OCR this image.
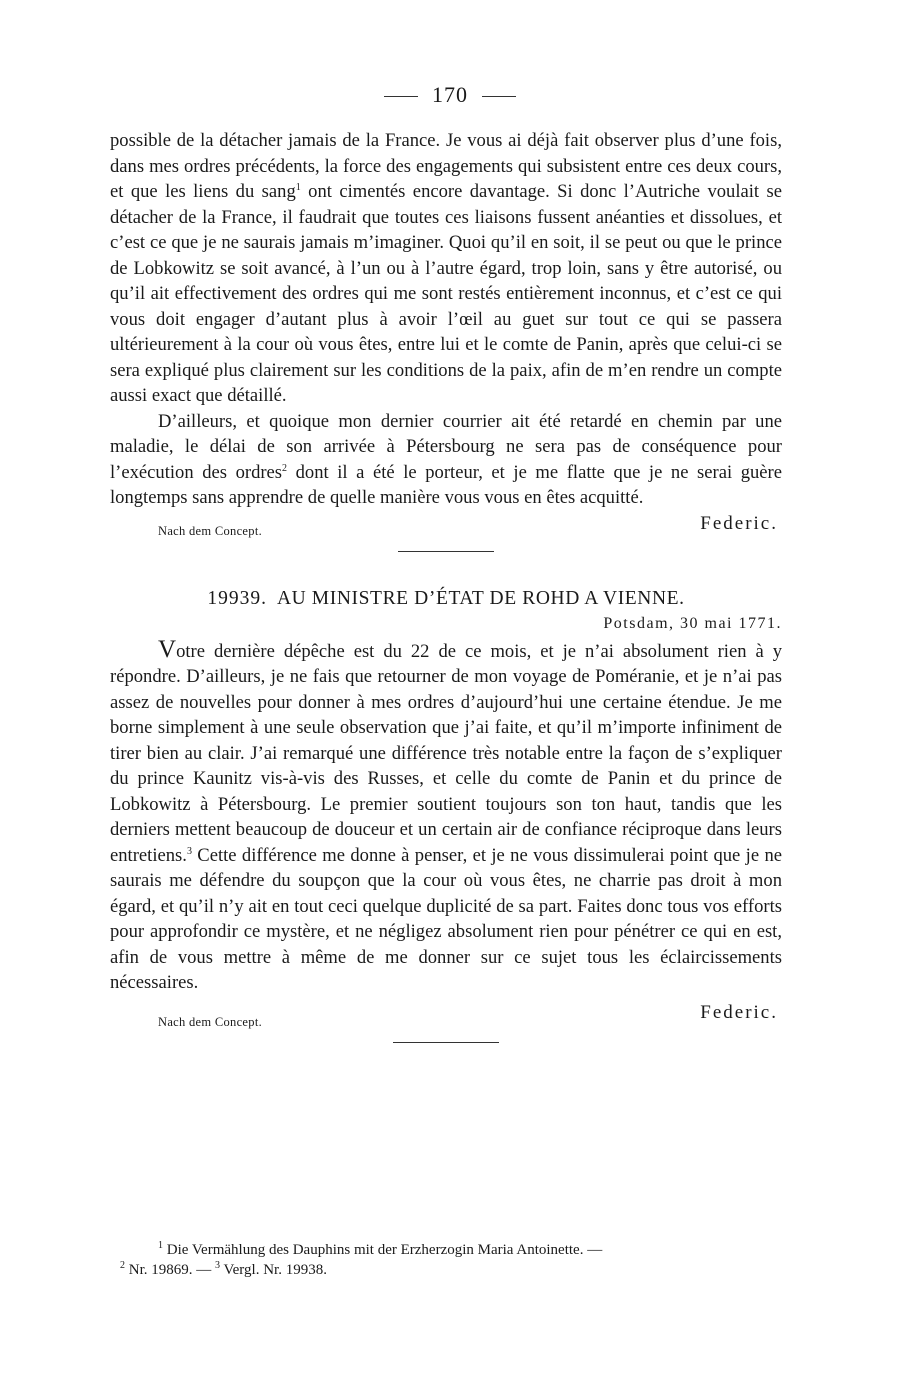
170

possible de la détacher jamais de la France. Je vous ai déjà fait observer plus d’une fois, dans mes ordres précédents, la force des engagements qui subsistent entre ces deux cours, et que les liens du sang$^1$ ont cimentés encore davantage. Si donc l’Autriche voulait se détacher de la France, il faudrait que toutes ces liaisons fussent anéanties et dissolues, et c’est ce que je ne saurais jamais m’imaginer. Quoi qu’il en soit, il se peut ou que le prince de Lobkowitz se soit avancé, à l’un ou à l’autre égard, trop loin, sans y être autorisé, ou qu’il ait effectivement des ordres qui me sont restés entièrement inconnus, et c’est ce qui vous doit engager d’autant plus à avoir l’œil au guet sur tout ce qui se passera ultérieurement à la cour où vous êtes, entre lui et le comte de Panin, après que celui-ci se sera expliqué plus clairement sur les conditions de la paix, afin de m’en rendre un compte aussi exact que détaillé.

D’ailleurs, et quoique mon dernier courrier ait été retardé en chemin par une maladie, le délai de son arrivée à Pétersbourg ne sera pas de conséquence pour l’exécution des ordres$^2$ dont il a été le porteur, et je me flatte que je ne serai guère longtemps sans apprendre de quelle manière vous vous en êtes acquitté.

Nach dem Concept.	Federic.
19939. AU MINISTRE D’ÉTAT DE ROHD A VIENNE.
Potsdam, 30 mai 1771.

Votre dernière dépêche est du 22 de ce mois, et je n’ai absolument rien à y répondre. D’ailleurs, je ne fais que retourner de mon voyage de Poméranie, et je n’ai pas assez de nouvelles pour donner à mes ordres d’aujourd’hui une certaine étendue. Je me borne simplement à une seule observation que j’ai faite, et qu’il m’importe infiniment de tirer bien au clair. J’ai remarqué une différence très notable entre la façon de s’expliquer du prince Kaunitz vis-à-vis des Russes, et celle du comte de Panin et du prince de Lobkowitz à Pétersbourg. Le premier soutient toujours son ton haut, tandis que les derniers mettent beaucoup de douceur et un certain air de confiance réciproque dans leurs entretiens.$^3$ Cette différence me donne à penser, et je ne vous dissimulerai point que je ne saurais me défendre du soupçon que la cour où vous êtes, ne charrie pas droit à mon égard, et qu’il n’y ait en tout ceci quelque duplicité de sa part. Faites donc tous vos efforts pour approfondir ce mystère, et ne négligez absolument rien pour pénétrer ce qui en est, afin de vous mettre à même de me donner sur ce sujet tous les éclaircissements nécessaires.

Nach dem Concept.	Federic.
$^1$ Die Vermählung des Dauphins mit der Erzherzogin Maria Antoinette. —
$^2$ Nr. 19869. — $^3$ Vergl. Nr. 19938.
